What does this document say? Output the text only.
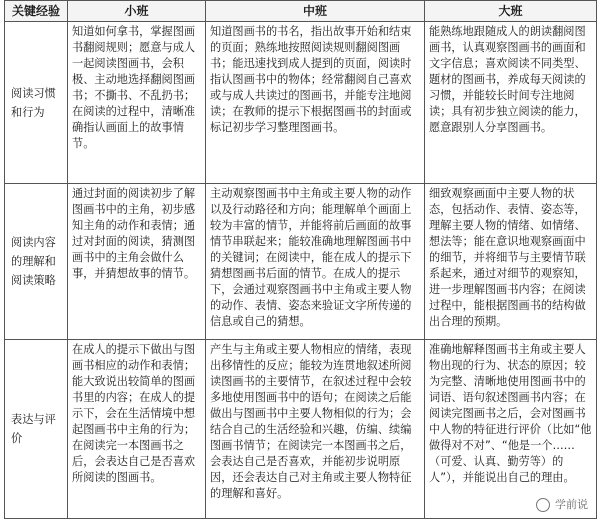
关键经验	小班	中班	大班
阅读习惯和行为	知道如何拿书，掌握图画书翻阅规则；愿意与成人一起阅读图画书，会积极、主动地选择翻阅图画书；不撕书、不乱扔书；在阅读的过程中，清晰准确指认画面上的故事情节。	知道图画书的书名，指出故事开始和结束的页面；熟练地按照阅读规则翻阅图画书；能迅速找到成人提到的页面，阅读时指认图画书中的物体；经常翻阅自己喜欢或与成人共读过的图画书，并能专注地阅读；在教师的提示下根据图画书的封面或标记初步学习整理图画书。	能熟练地跟随成人的朗读翻阅图画书，认真观察图画书的画面和文字信息；喜欢阅读不同类型、题材的图画书，养成每天阅读的习惯，并能较长时间专注地阅读；具有初步独立阅读的能力，愿意跟别人分享图画书。
阅读内容的理解和阅读策略	通过封面的阅读初步了解图画书中的主角，初步感知主角的动作和表情；通过对封面的阅读，猜测图画书中的主角会做什么事，并猜想故事的情节。	主动观察图画书中主角或主要人物的动作以及行动路径和方向；能理解单个画面上较为丰富的情节，并能将前后画面的故事情节串联起来；能较准确地理解图画书中的关键词；在阅读中，能在成人的提示下猜想图画书后面的情节。在成人的提示下，会通过观察图画书中主角或主要人物的动作、表情、姿态来验证文字所传递的信息或自己的猜想。	细致观察画面中主要人物的状态，包括动作、表情、姿态等，理解主要人物的情绪、如情绪、想法等；能在意识地观察画面中的细节，并将细节与主要情节联系起来，通过对细节的观察知，进一步理解图画书内容；在阅读过程中，能根据图画书的结构做出合理的预期。
表达与评价	在成人的提示下做出与图画书相应的动作和表情；能大致说出较简单的图画书里的内容；在成人的提示下，会在生活情境中想起图画书中主角的行为；在阅读完一本图画书之后，会表达自己是否喜欢所阅读的图画书。	产生与主角或主要人物相应的情绪，表现出移情性的反应；能较为连贯地叙述所阅读图画书的主要情节，在叙述过程中会较多地使用图画书中的语句；在阅读之后能做出与图画书中主要人物相似的行为；会结合自己的生活经验和兴趣，仿编、续编图画书情节；在阅读完一本图画书之后，会表达自己是否喜欢，并能初步说明原因，还会表达自己对主角或主要人物特征的理解和喜好。	准确地解释图画书主角或主要人物出现的行为、状态的原因；较为完整、清晰地使用图画书中的词语、语句叙述图画书内容；在阅读完图画书之后，会对图画书中人物的特征进行评价（比如“他做得对不对”、“他是一个……（可爱、认真、勤劳等）的人”），并能说出自己的理由。
学前说
